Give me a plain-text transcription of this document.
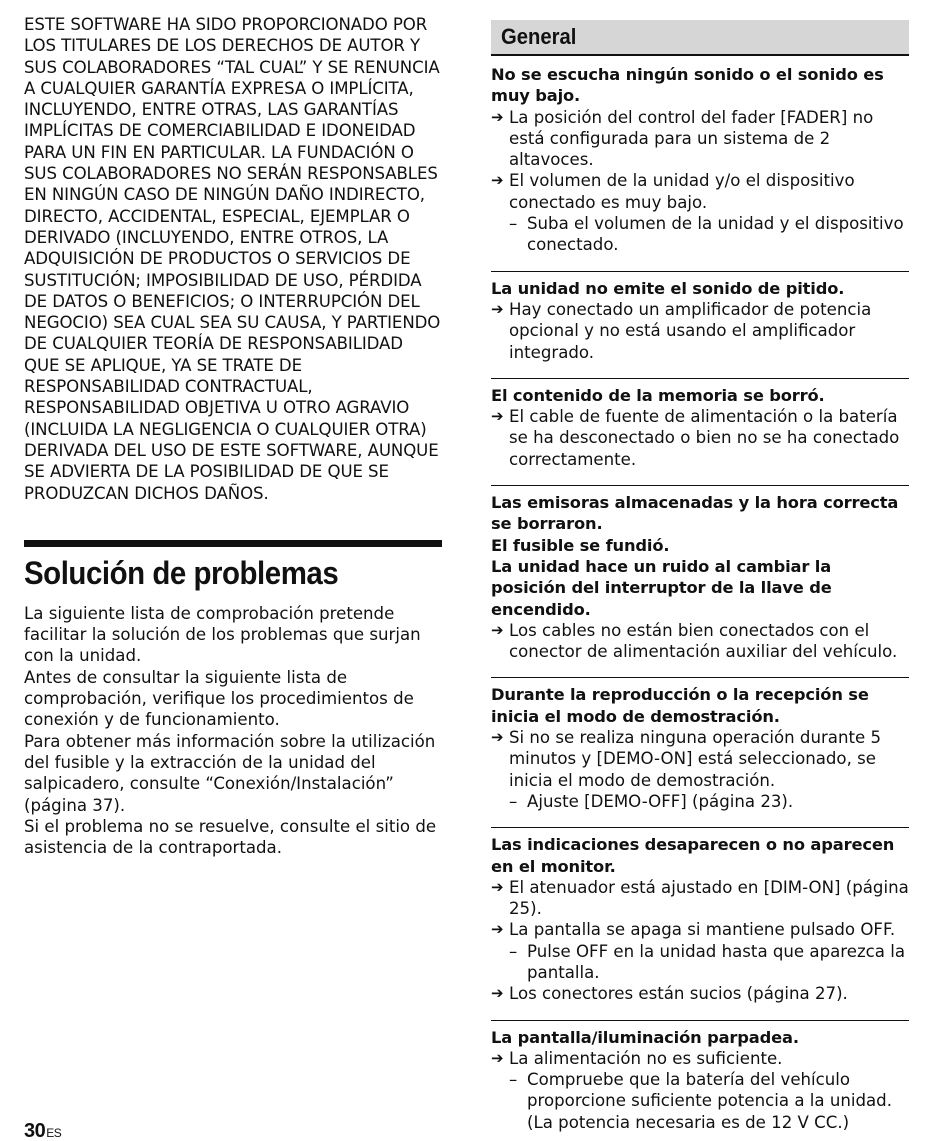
ESTE SOFTWARE HA SIDO PROPORCIONADO POR LOS TITULARES DE LOS DERECHOS DE AUTOR Y SUS COLABORADORES “TAL CUAL” Y SE RENUNCIA A CUALQUIER GARANTÍA EXPRESA O IMPLÍCITA, INCLUYENDO, ENTRE OTRAS, LAS GARANTÍAS IMPLÍCITAS DE COMERCIABILIDAD E IDONEIDAD PARA UN FIN EN PARTICULAR. LA FUNDACIÓN O SUS COLABORADORES NO SERÁN RESPONSABLES EN NINGÚN CASO DE NINGÚN DAÑO INDIRECTO, DIRECTO, ACCIDENTAL, ESPECIAL, EJEMPLAR O DERIVADO (INCLUYENDO, ENTRE OTROS, LA ADQUISICIÓN DE PRODUCTOS O SERVICIOS DE SUSTITUCIÓN; IMPOSIBILIDAD DE USO, PÉRDIDA DE DATOS O BENEFICIOS; O INTERRUPCIÓN DEL NEGOCIO) SEA CUAL SEA SU CAUSA, Y PARTIENDO DE CUALQUIER TEORÍA DE RESPONSABILIDAD QUE SE APLIQUE, YA SE TRATE DE RESPONSABILIDAD CONTRACTUAL, RESPONSABILIDAD OBJETIVA U OTRO AGRAVIO (INCLUIDA LA NEGLIGENCIA O CUALQUIER OTRA) DERIVADA DEL USO DE ESTE SOFTWARE, AUNQUE SE ADVIERTA DE LA POSIBILIDAD DE QUE SE PRODUZCAN DICHOS DAÑOS.
Solución de problemas

La siguiente lista de comprobación pretende facilitar la solución de los problemas que surjan con la unidad.

Antes de consultar la siguiente lista de comprobación, verifique los procedimientos de conexión y de funcionamiento.

Para obtener más información sobre la utilización del fusible y la extracción de la unidad del salpicadero, consulte “Conexión/Instalación” (página 37).

Si el problema no se resuelve, consulte el sitio de asistencia de la contraportada.

General
No se escucha ningún sonido o el sonido es muy bajo.
➔ La posición del control del fader [FADER] no está configurada para un sistema de 2 altavoces.
➔ El volumen de la unidad y/o el dispositivo conectado es muy bajo.
– Suba el volumen de la unidad y el dispositivo conectado.
La unidad no emite el sonido de pitido.
➔ Hay conectado un amplificador de potencia opcional y no está usando el amplificador integrado.
El contenido de la memoria se borró.
➔ El cable de fuente de alimentación o la batería se ha desconectado o bien no se ha conectado correctamente.
Las emisoras almacenadas y la hora correcta se borraron.
El fusible se fundió.
La unidad hace un ruido al cambiar la posición del interruptor de la llave de encendido.
➔ Los cables no están bien conectados con el conector de alimentación auxiliar del vehículo.
Durante la reproducción o la recepción se inicia el modo de demostración.
➔ Si no se realiza ninguna operación durante 5 minutos y [DEMO-ON] está seleccionado, se inicia el modo de demostración.
– Ajuste [DEMO-OFF] (página 23).
Las indicaciones desaparecen o no aparecen en el monitor.
➔ El atenuador está ajustado en [DIM-ON] (página 25).
➔ La pantalla se apaga si mantiene pulsado OFF.
– Pulse OFF en la unidad hasta que aparezca la pantalla.
➔ Los conectores están sucios (página 27).
La pantalla/iluminación parpadea.
➔ La alimentación no es suficiente.
– Compruebe que la batería del vehículo proporcione suficiente potencia a la unidad. (La potencia necesaria es de 12 V CC.)
30ES
